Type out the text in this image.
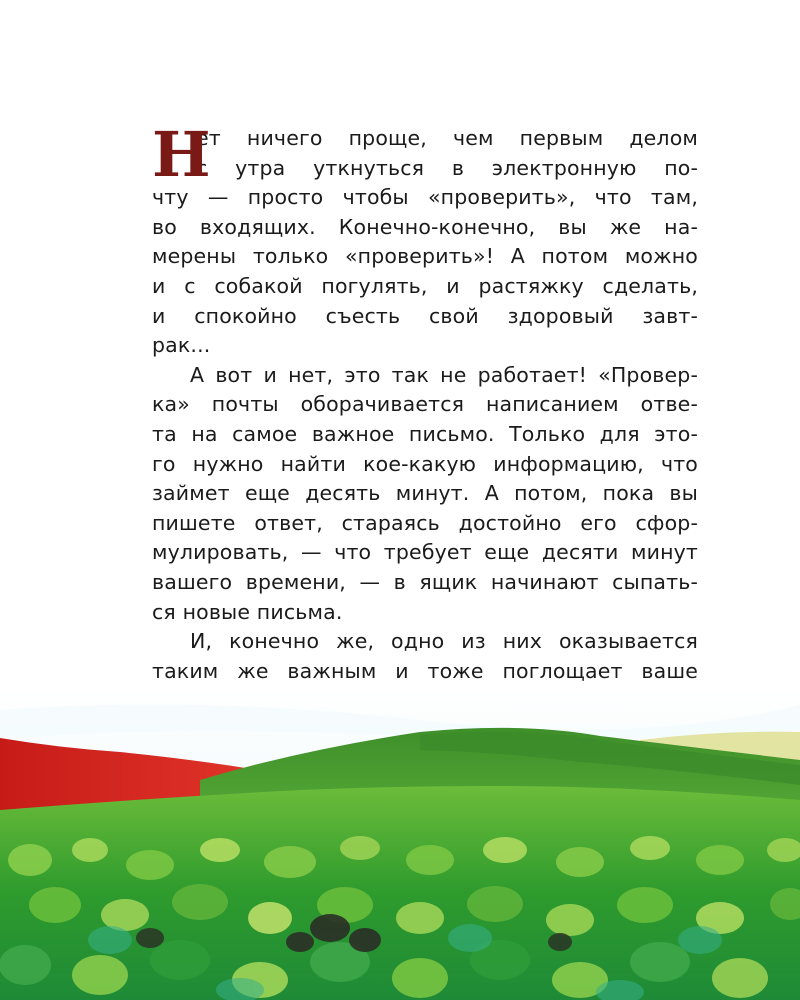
Н
ет ничего проще, чем первым делом
с утра уткнуться в электронную по-
чту — просто чтобы «проверить», что там,
во входящих. Конечно-конечно, вы же на-
мерены только «проверить»! А потом можно
и с собакой погулять, и растяжку сделать,
и спокойно съесть свой здоровый завт-
рак...
А вот и нет, это так не работает! «Провер-
ка» почты оборачивается написанием отве-
та на самое важное письмо. Только для это-
го нужно найти кое-какую информацию, что
займет еще десять минут. А потом, пока вы
пишете ответ, стараясь достойно его сфор-
мулировать, — что требует еще десяти минут
вашего времени, — в ящик начинают сыпать-
ся новые письма.
И, конечно же, одно из них оказывается
таким же важным и тоже поглощает ваше
